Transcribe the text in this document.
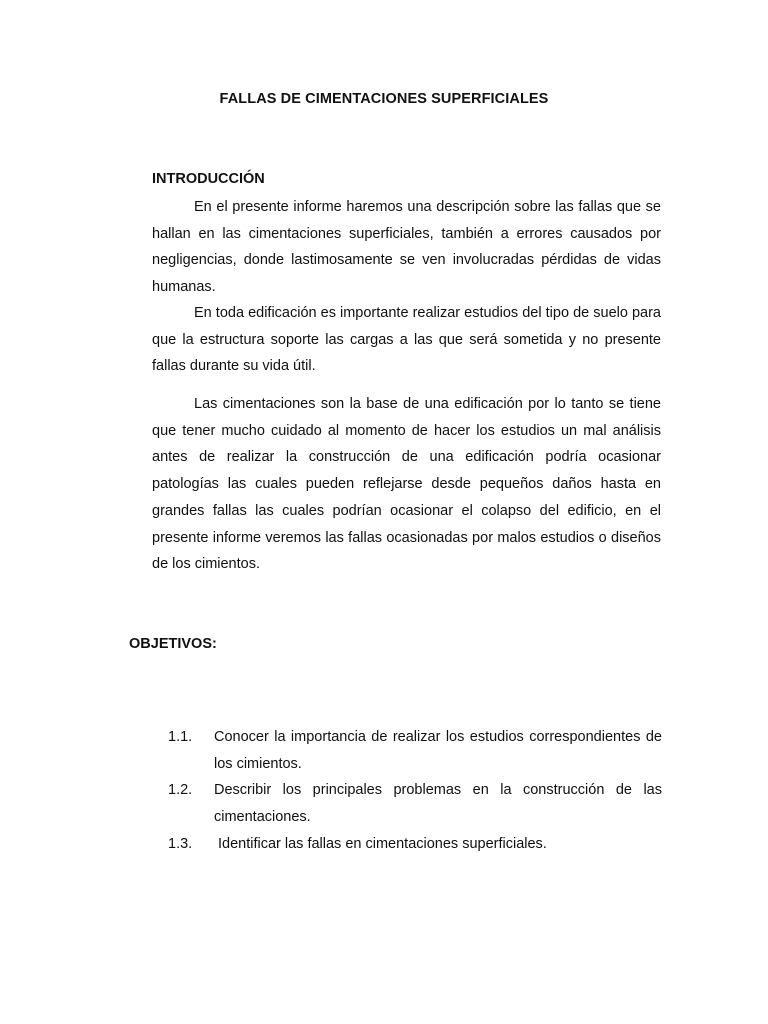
FALLAS DE CIMENTACIONES SUPERFICIALES
INTRODUCCIÓN

En el presente informe haremos una descripción sobre las fallas que se hallan en las cimentaciones superficiales, también a errores causados por negligencias, donde lastimosamente se ven involucradas pérdidas de vidas humanas.

En toda edificación es importante realizar estudios del tipo de suelo para que la estructura soporte las cargas a las que será sometida y no presente fallas durante su vida útil.

Las cimentaciones son la base de una edificación por lo tanto se tiene que tener mucho cuidado al momento de hacer los estudios un mal análisis antes de realizar la construcción de una edificación podría ocasionar patologías las cuales pueden reflejarse desde pequeños daños hasta en grandes fallas las cuales podrían ocasionar el colapso del edificio, en el presente informe veremos las fallas ocasionadas por malos estudios o diseños de los cimientos.

OBJETIVOS:
1.1.	Conocer la importancia de realizar los estudios correspondientes de los cimientos.
1.2.	Describir los principales problemas en la construcción de las cimentaciones.
1.3.	Identificar las fallas en cimentaciones superficiales.
